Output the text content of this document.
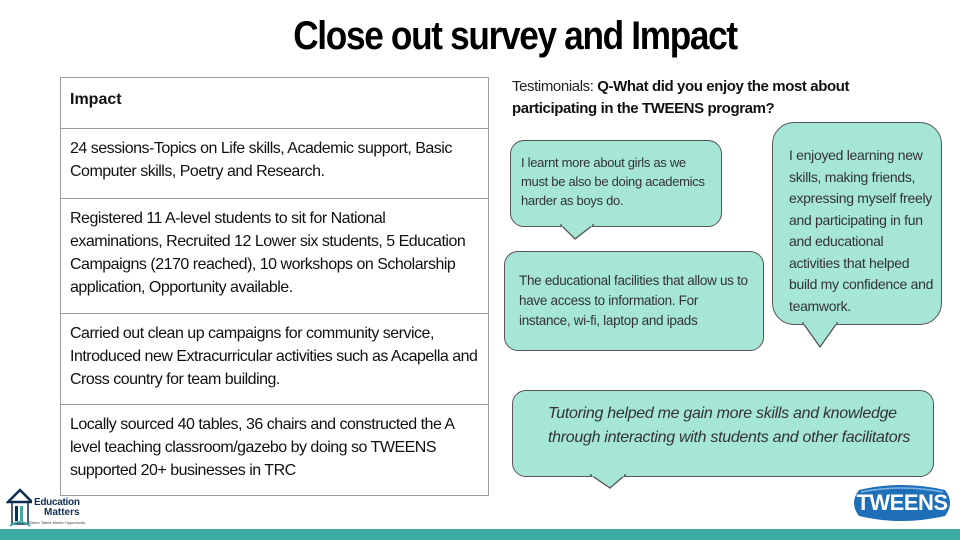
Close out survey and Impact
Impact

24 sessions-Topics on Life skills, Academic support, Basic Computer skills, Poetry and Research.

Registered 11 A-level students to sit for National examinations, Recruited 12 Lower six students, 5 Education Campaigns (2170 reached), 10 workshops on Scholarship application, Opportunity available.

Carried out clean up campaigns for community service, Introduced new Extracurricular activities such as Acapella and Cross country for team building.

Locally sourced 40 tables, 36 chairs and constructed the A level teaching classroom/gazebo by doing so TWEENS supported 20+ businesses in TRC
Testimonials: Q-What did you enjoy the most about participating in the TWEENS program?
I learnt more about girls as we must be also be doing academics harder as boys do.
The educational facilities that allow us to have access to information. For instance, wi-fi, laptop and ipads
I enjoyed learning new skills, making friends, expressing myself freely and participating in fun and educational activities that helped build my confidence and teamwork.
Tutoring helped me gain more skills and knowledge through interacting with students and other facilitators
Education
Matters
Where Talent Meets Opportunity
TWEENS
